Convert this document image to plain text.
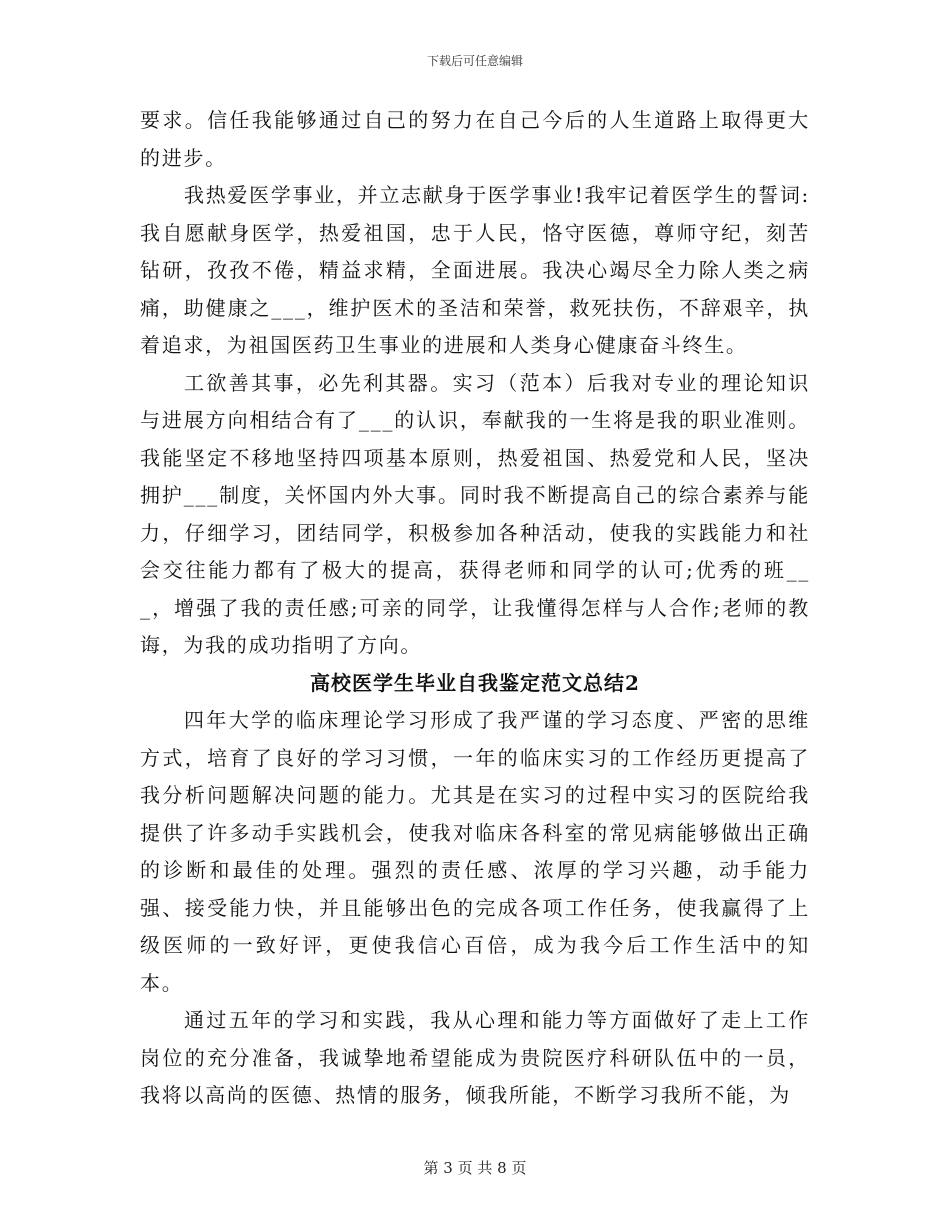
下载后可任意编辑

要求。信任我能够通过自己的努力在自己今后的人生道路上取得更大的进步。

我热爱医学事业，并立志献身于医学事业!我牢记着医学生的誓词:我自愿献身医学，热爱祖国，忠于人民，恪守医德，尊师守纪，刻苦钻研，孜孜不倦，精益求精，全面进展。我决心竭尽全力除人类之病痛，助健康之___，维护医术的圣洁和荣誉，救死扶伤，不辞艰辛，执着追求，为祖国医药卫生事业的进展和人类身心健康奋斗终生。

工欲善其事，必先利其器。实习（范本）后我对专业的理论知识与进展方向相结合有了___的认识，奉献我的一生将是我的职业准则。我能坚定不移地坚持四项基本原则，热爱祖国、热爱党和人民，坚决拥护___制度，关怀国内外大事。同时我不断提高自己的综合素养与能力，仔细学习，团结同学，积极参加各种活动，使我的实践能力和社会交往能力都有了极大的提高，获得老师和同学的认可;优秀的班___，增强了我的责任感;可亲的同学，让我懂得怎样与人合作;老师的教诲，为我的成功指明了方向。

高校医学生毕业自我鉴定范文总结2

四年大学的临床理论学习形成了我严谨的学习态度、严密的思维方式，培育了良好的学习习惯，一年的临床实习的工作经历更提高了我分析问题解决问题的能力。尤其是在实习的过程中实习的医院给我提供了许多动手实践机会，使我对临床各科室的常见病能够做出正确的诊断和最佳的处理。强烈的责任感、浓厚的学习兴趣，动手能力强、接受能力快，并且能够出色的完成各项工作任务，使我赢得了上级医师的一致好评，更使我信心百倍，成为我今后工作生活中的知本。

通过五年的学习和实践，我从心理和能力等方面做好了走上工作岗位的充分准备，我诚挚地希望能成为贵院医疗科研队伍中的一员，我将以高尚的医德、热情的服务，倾我所能，不断学习我所不能，为

第 3 页 共 8 页
